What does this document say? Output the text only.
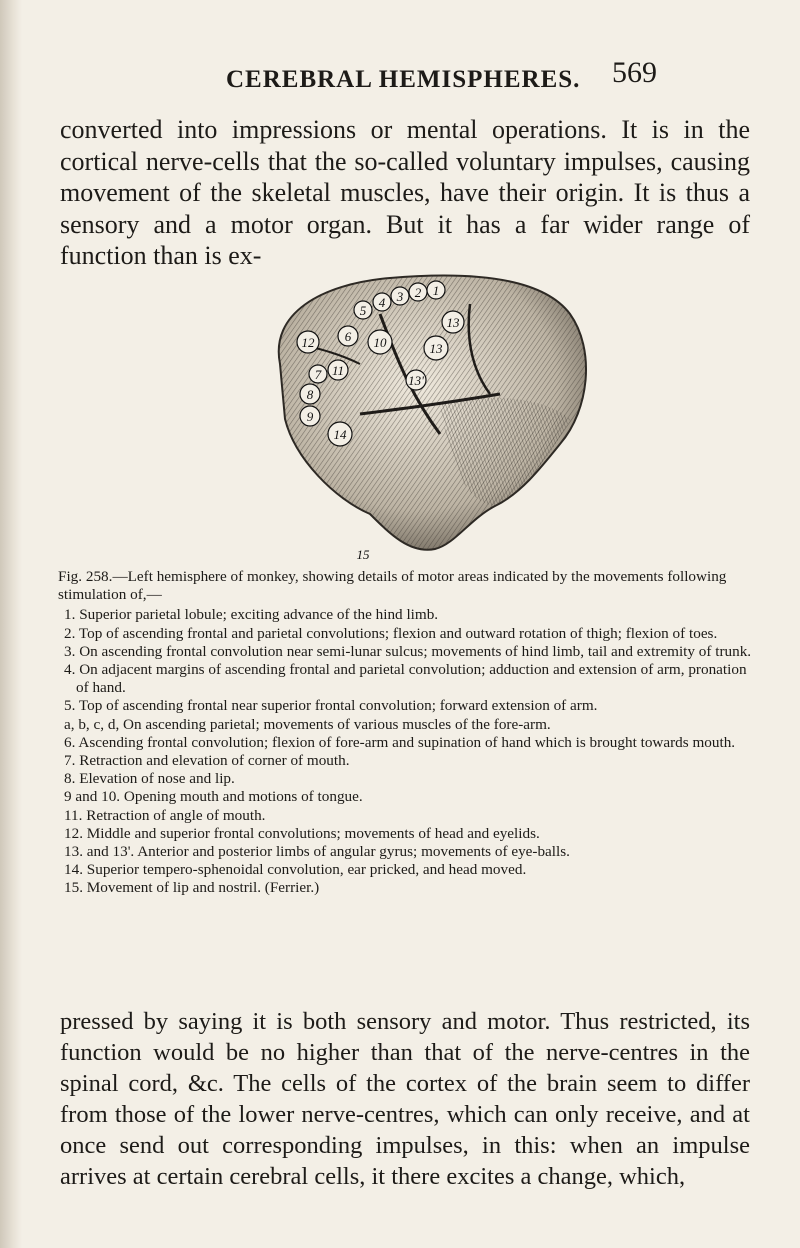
CEREBRAL HEMISPHERES. 569

converted into impressions or mental operations. It is in the cortical nerve-cells that the so-called voluntary impulses, causing movement of the skeletal muscles, have their origin. It is thus a sensory and a motor organ. But it has a far wider range of function than is ex-

12
5
4 3 2 1
13
6 10	13
7 11
8
13'
9
14
15

Fig. 258.—Left hemisphere of monkey, showing details of motor areas indicated by the movements following stimulation of,—

1. Superior parietal lobule; exciting advance of the hind limb.

2. Top of ascending frontal and parietal convolutions; flexion and outward rotation of thigh; flexion of toes.

3. On ascending frontal convolution near semi-lunar sulcus; movements of hind limb, tail and extremity of trunk.

4. On adjacent margins of ascending frontal and parietal convolution; adduction and extension of arm, pronation of hand.

5. Top of ascending frontal near superior frontal convolution; forward extension of arm.

a, b, c, d, On ascending parietal; movements of various muscles of the fore-arm.

6. Ascending frontal convolution; flexion of fore-arm and supination of hand which is brought towards mouth.

7. Retraction and elevation of corner of mouth.

8. Elevation of nose and lip.

9 and 10. Opening mouth and motions of tongue.

11. Retraction of angle of mouth.

12. Middle and superior frontal convolutions; movements of head and eyelids.

13. and 13'. Anterior and posterior limbs of angular gyrus; movements of eye-balls.

14. Superior tempero-sphenoidal convolution, ear pricked, and head moved.

15. Movement of lip and nostril. (Ferrier.)

pressed by saying it is both sensory and motor. Thus restricted, its function would be no higher than that of the nerve-centres in the spinal cord, &c. The cells of the cortex of the brain seem to differ from those of the lower nerve-centres, which can only receive, and at once send out corresponding impulses, in this: when an impulse arrives at certain cerebral cells, it there excites a change, which,
